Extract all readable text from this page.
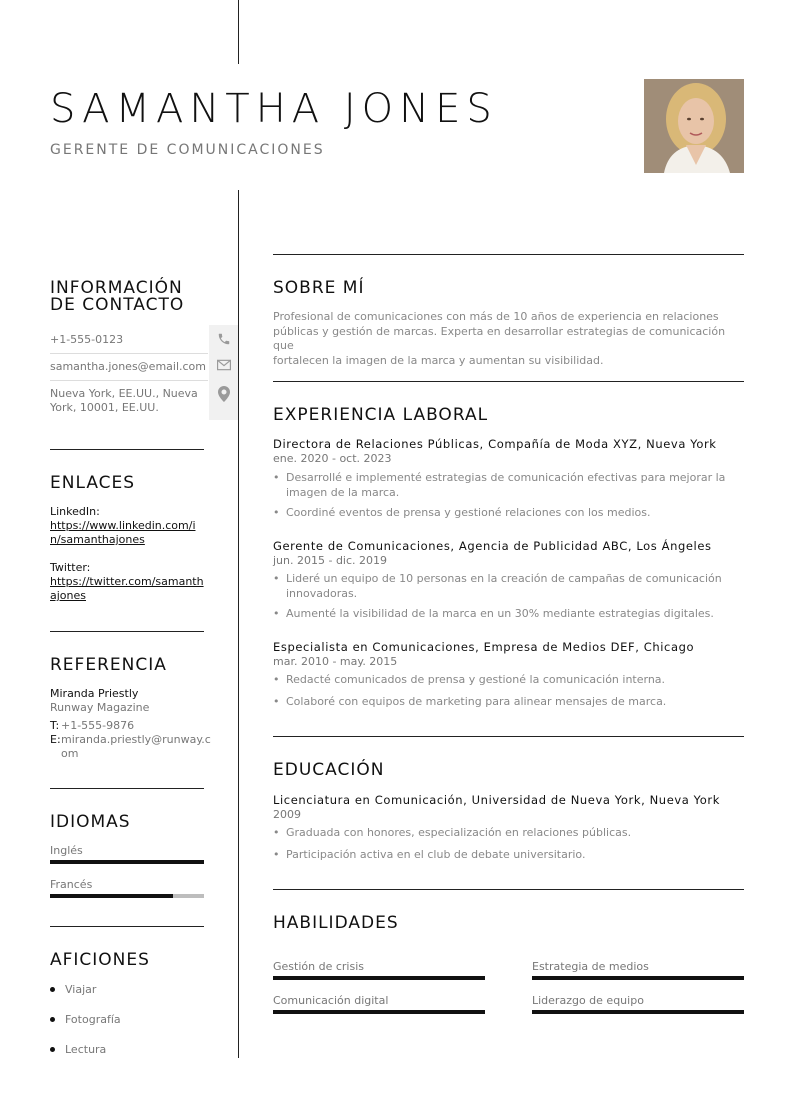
SAMANTHA JONES
GERENTE DE COMUNICACIONES
INFORMACIÓN
DE CONTACTO
+1-555-0123
samantha.jones@email.com
Nueva York, EE.UU., Nueva
York, 10001, EE.UU.
ENLACES
LinkedIn:
https://www.linkedin.com/i
n/samanthajones
Twitter:
https://twitter.com/samanth
ajones
REFERENCIA
Miranda Priestly
Runway Magazine
T: +1-555-9876
E: miranda.priestly@runway.c
om
IDIOMAS
Inglés
Francés
AFICIONES
Viajar
Fotografía
Lectura
SOBRE MÍ
Profesional de comunicaciones con más de 10 años de experiencia en relaciones
públicas y gestión de marcas. Experta en desarrollar estrategias de comunicación que
fortalecen la imagen de la marca y aumentan su visibilidad.
EXPERIENCIA LABORAL
Directora de Relaciones Públicas, Compañía de Moda XYZ, Nueva York
ene. 2020 - oct. 2023
• Desarrollé e implementé estrategias de comunicación efectivas para mejorar la
imagen de la marca.
• Coordiné eventos de prensa y gestioné relaciones con los medios.
Gerente de Comunicaciones, Agencia de Publicidad ABC, Los Ángeles
jun. 2015 - dic. 2019
• Lideré un equipo de 10 personas en la creación de campañas de comunicación
innovadoras.
• Aumenté la visibilidad de la marca en un 30% mediante estrategias digitales.
Especialista en Comunicaciones, Empresa de Medios DEF, Chicago
mar. 2010 - may. 2015
• Redacté comunicados de prensa y gestioné la comunicación interna.
• Colaboré con equipos de marketing para alinear mensajes de marca.
EDUCACIÓN
Licenciatura en Comunicación, Universidad de Nueva York, Nueva York
2009
• Graduada con honores, especialización en relaciones públicas.
• Participación activa en el club de debate universitario.
HABILIDADES
Gestión de crisis	Estrategia de medios
Comunicación digital	Liderazgo de equipo
